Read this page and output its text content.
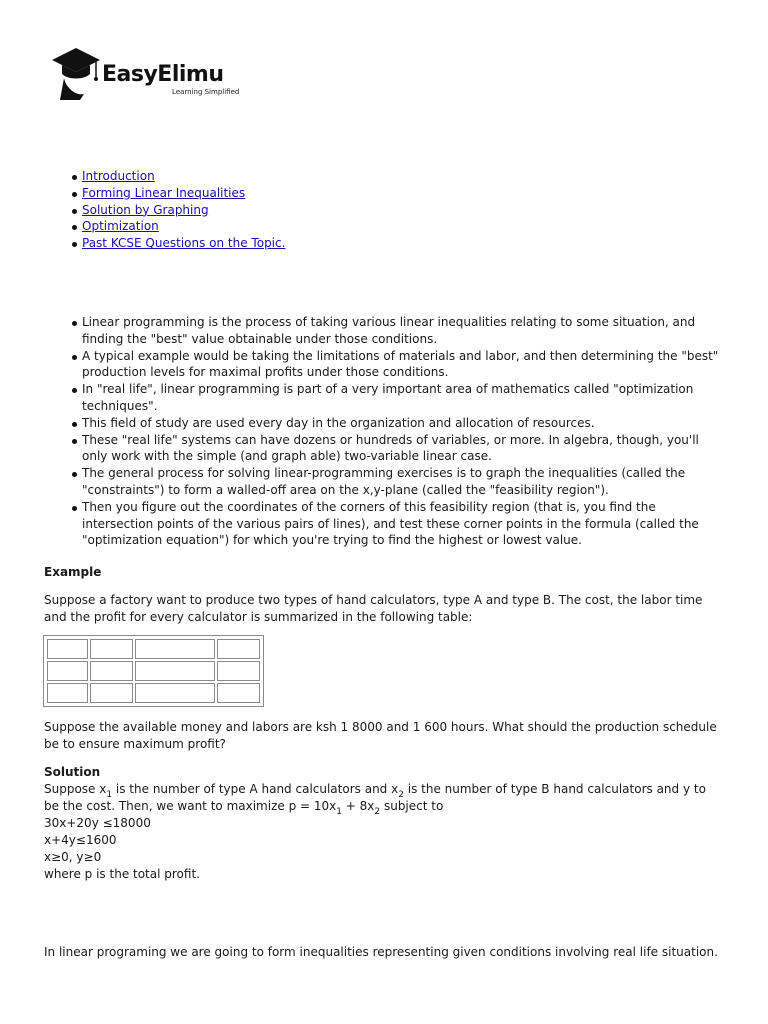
EasyElimu
Learning Simplified
Introduction
Forming Linear Inequalities
Solution by Graphing
Optimization
Past KCSE Questions on the Topic.
Linear programming is the process of taking various linear inequalities relating to some situation, and finding the "best" value obtainable under those conditions.
A typical example would be taking the limitations of materials and labor, and then determining the "best" production levels for maximal profits under those conditions.
In "real life", linear programming is part of a very important area of mathematics called "optimization techniques".
This field of study are used every day in the organization and allocation of resources.
These "real life" systems can have dozens or hundreds of variables, or more. In algebra, though, you'll only work with the simple (and graph able) two-variable linear case.
The general process for solving linear-programming exercises is to graph the inequalities (called the "constraints") to form a walled-off area on the x,y-plane (called the "feasibility region").
Then you figure out the coordinates of the corners of this feasibility region (that is, you find the intersection points of the various pairs of lines), and test these corner points in the formula (called the "optimization equation") for which you're trying to find the highest or lowest value.
Example

Suppose a factory want to produce two types of hand calculators, type A and type B. The cost, the labor time and the profit for every calculator is summarized in the following table:

Suppose the available money and labors are ksh 1 8000 and 1 600 hours. What should the production schedule be to ensure maximum profit?

Solution

Suppose $x_1$ is the number of type A hand calculators and $x_2$ is the number of type B hand calculators and y to be the cost. Then, we want to maximize $p = 10x_1 + 8x_2$ subject to

30x+20y ≤18000

x+4y≤1600

x≥0, y≥0

where p is the total profit.

In linear programing we are going to form inequalities representing given conditions involving real life situation.
